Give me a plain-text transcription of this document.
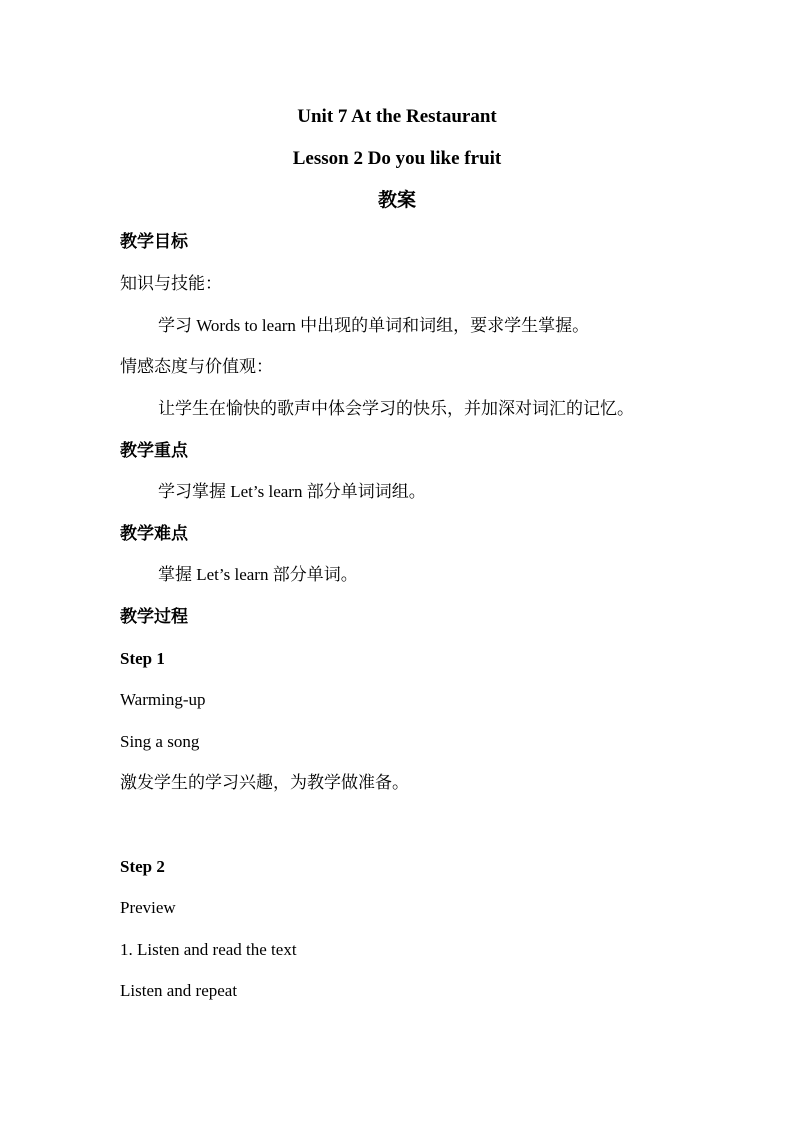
Unit 7 At the Restaurant
Lesson 2 Do you like fruit
教案
教学目标
知识与技能：
学习 Words to learn 中出现的单词和词组，要求学生掌握。
情感态度与价值观：
让学生在愉快的歌声中体会学习的快乐，并加深对词汇的记忆。
教学重点
学习掌握 Let’s learn 部分单词词组。
教学难点
掌握 Let’s learn 部分单词。
教学过程
Step 1
Warming-up
Sing a song
激发学生的学习兴趣，为教学做准备。
Step 2
Preview
1. Listen and read the text
Listen and repeat
